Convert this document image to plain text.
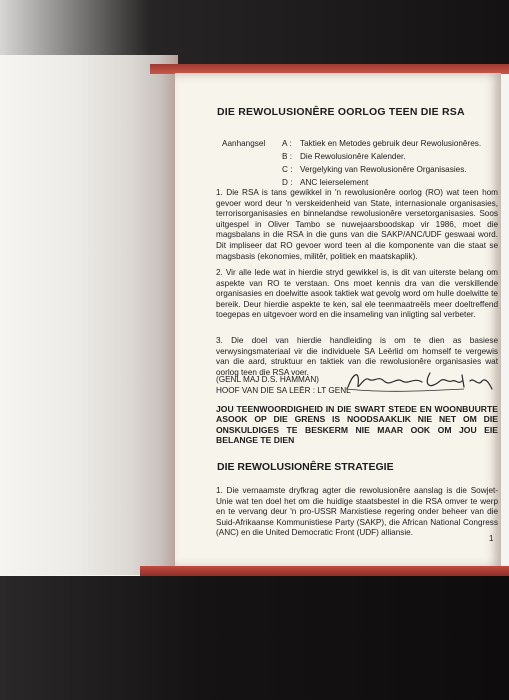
DIE REWOLUSIONÊRE OORLOG TEEN DIE RSA
Aanhangsel	A :	Taktiek en Metodes gebruik deur Rewolusionêres.
B : Die Rewolusionêre Kalender.
C : Vergelyking van Rewolusionêre Organisasies.
D : ANC leierselement
1. Die RSA is tans gewikkel in 'n rewolusionêre oorlog (RO) wat teen hom gevoer word deur 'n verskeidenheid van State, internasionale organisasies, terrorisorganisasies en binnelandse rewolusionêre versetorganisasies. Soos uitgespel in Oliver Tambo se nuwejaarsboodskap vir 1986, moet die magsbalans in die RSA in die guns van die SAKP/ANC/UDF geswaai word. Dit impliseer dat RO gevoer word teen al die komponente van die staat se magsbasis (ekonomies, militêr, politiek en maatskaplik).
2. Vir alle lede wat in hierdie stryd gewikkel is, is dit van uiterste belang om aspekte van RO te verstaan. Ons moet kennis dra van die verskillende organisasies en doelwitte asook taktiek wat gevolg word om hulle doelwitte te bereik. Deur hierdie aspekte te ken, sal ele teenmaatreëls meer doeltreffend toegepas en uitgevoer word en die insameling van inligting sal verbeter.
3. Die doel van hierdie handleiding is om te dien as basiese verwysingsmateriaal vir die individuele SA Leërlid om homself te vergewis van die aard, struktuur en taktiek van die rewolusionêre organisasies wat oorlog teen die RSA voer.
(GENL MAJ D.S. HAMMAN)
HOOF VAN DIE SA LEËR : LT GENL
JOU TEENWOORDIGHEID IN DIE SWART STEDE EN WOONBUURTE ASOOK OP DIE GRENS IS NOODSAAKLIK NIE NET OM DIE ONSKULDIGES TE BESKERM NIE MAAR OOK OM JOU EIE BELANGE TE DIEN
DIE REWOLUSIONÊRE STRATEGIE
1. Die vernaamste dryfkrag agter die rewolusionêre aanslag is die Sowjet-Unie wat ten doel het om die huidige staatsbestel in die RSA omver te werp en te vervang deur 'n pro-USSR Marxistiese regering onder beheer van die Suid-Afrikaanse Kommunistiese Party (SAKP), die African National Congress (ANC) en die United Democratic Front (UDF) alliansie.
1
